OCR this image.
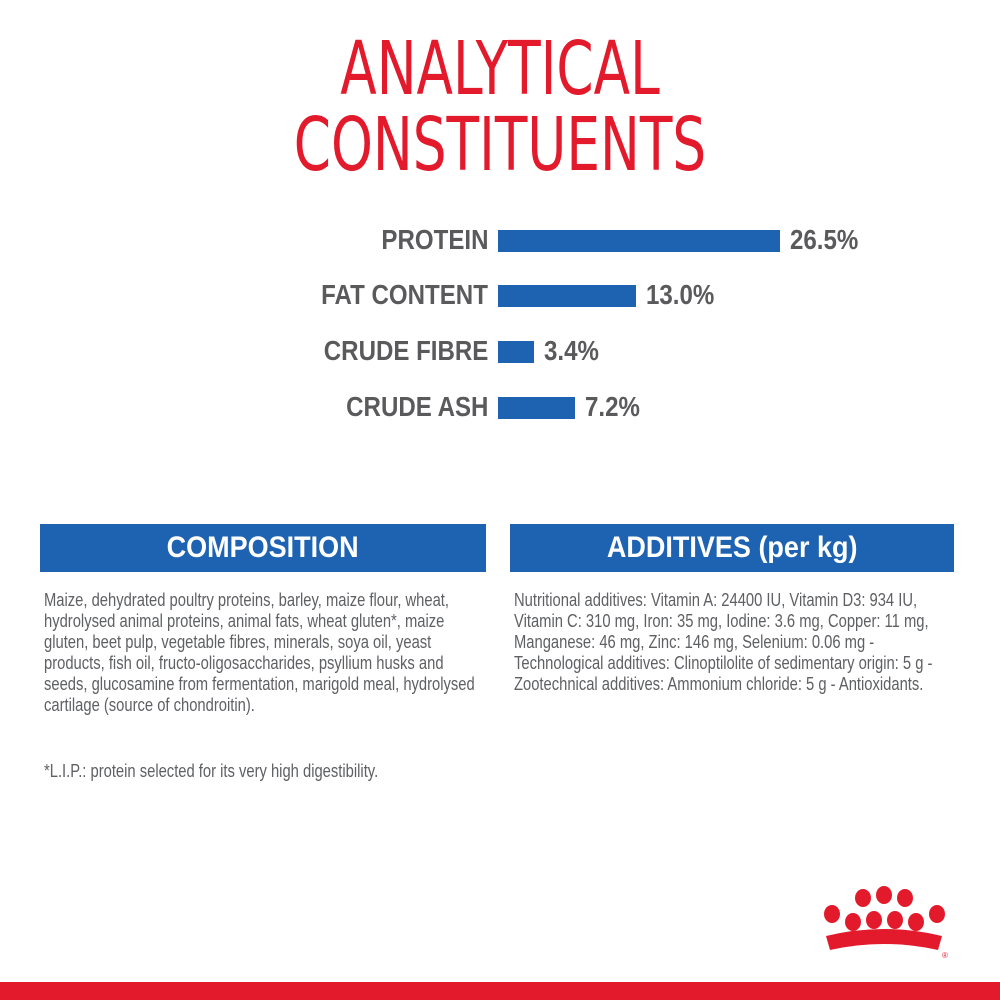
ANALYTICAL
CONSTITUENTS
PROTEIN	26.5%
FAT CONTENT	13.0%
CRUDE FIBRE 3.4%
CRUDE ASH	7.2%
COMPOSITION	ADDITIVES (per kg)
Maize, dehydrated poultry proteins, barley, maize flour, wheat, hydrolysed animal proteins, animal fats, wheat gluten*, maize gluten, beet pulp, vegetable fibres, minerals, soya oil, yeast products, fish oil, fructo-oligosaccharides, psyllium husks and seeds, glucosamine from fermentation, marigold meal, hydrolysed cartilage (source of chondroitin).
*L.I.P.: protein selected for its very high digestibility.
Nutritional additives: Vitamin A: 24400 IU, Vitamin D3: 934 IU, Vitamin C: 310 mg, Iron: 35 mg, Iodine: 3.6 mg, Copper: 11 mg, Manganese: 46 mg, Zinc: 146 mg, Selenium: 0.06 mg - Technological additives: Clinoptilolite of sedimentary origin: 5 g - Zootechnical additives: Ammonium chloride: 5 g - Antioxidants.
®
